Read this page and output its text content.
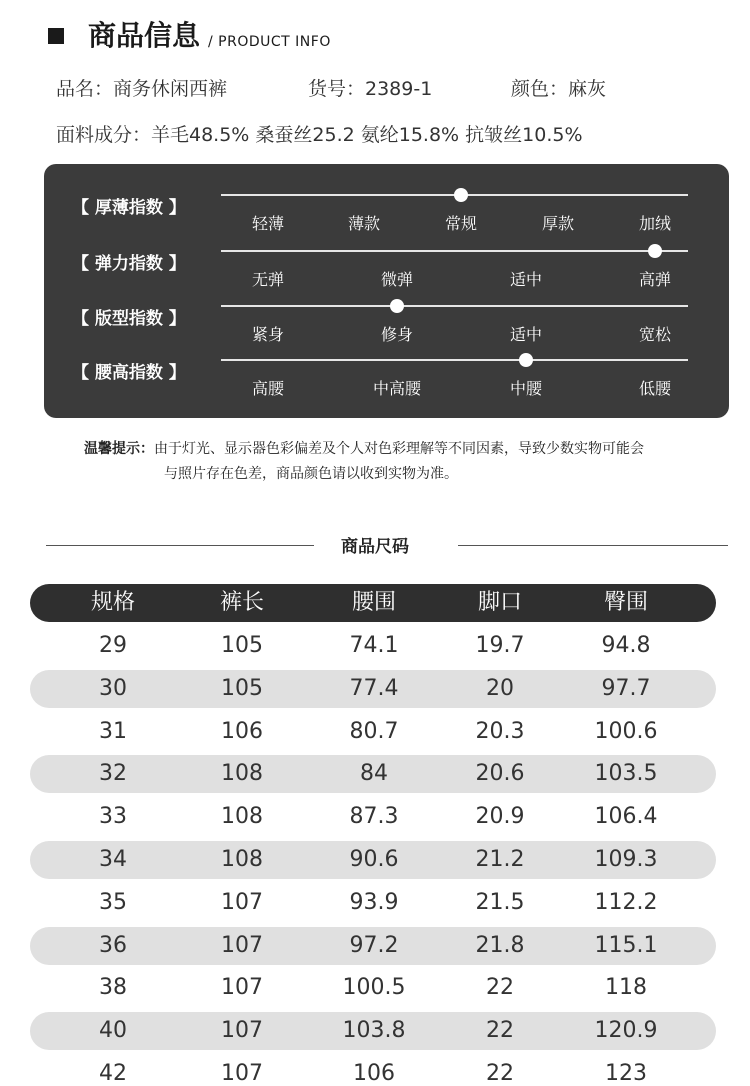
商品信息 / PRODUCT INFO
品名：商务休闲西裤	货号：2389-1	颜色：麻灰
面料成分：羊毛48.5% 桑蚕丝25.2 氨纶15.8% 抗皱丝10.5%
【 厚薄指数 】
轻薄	薄款	常规	厚款	加绒
【 弹力指数 】
无弹	微弹	适中	高弹
【 版型指数 】
紧身	修身	适中	宽松
【 腰高指数 】
高腰	中高腰	中腰	低腰
温馨提示：由于灯光、显示器色彩偏差及个人对色彩理解等不同因素，导致少数实物可能会
与照片存在色差，商品颜色请以收到实物为准。
商品尺码
规格	裤长	腰围	脚口	臀围
29	105	74.1	19.7	94.8
30	105	77.4	20	97.7
31	106	80.7	20.3	100.6
32	108	84	20.6	103.5
33	108	87.3	20.9	106.4
34	108	90.6	21.2	109.3
35	107	93.9	21.5	112.2
36	107	97.2	21.8	115.1
38	107	100.5	22	118
40	107	103.8	22	120.9
42	107	106	22	123
